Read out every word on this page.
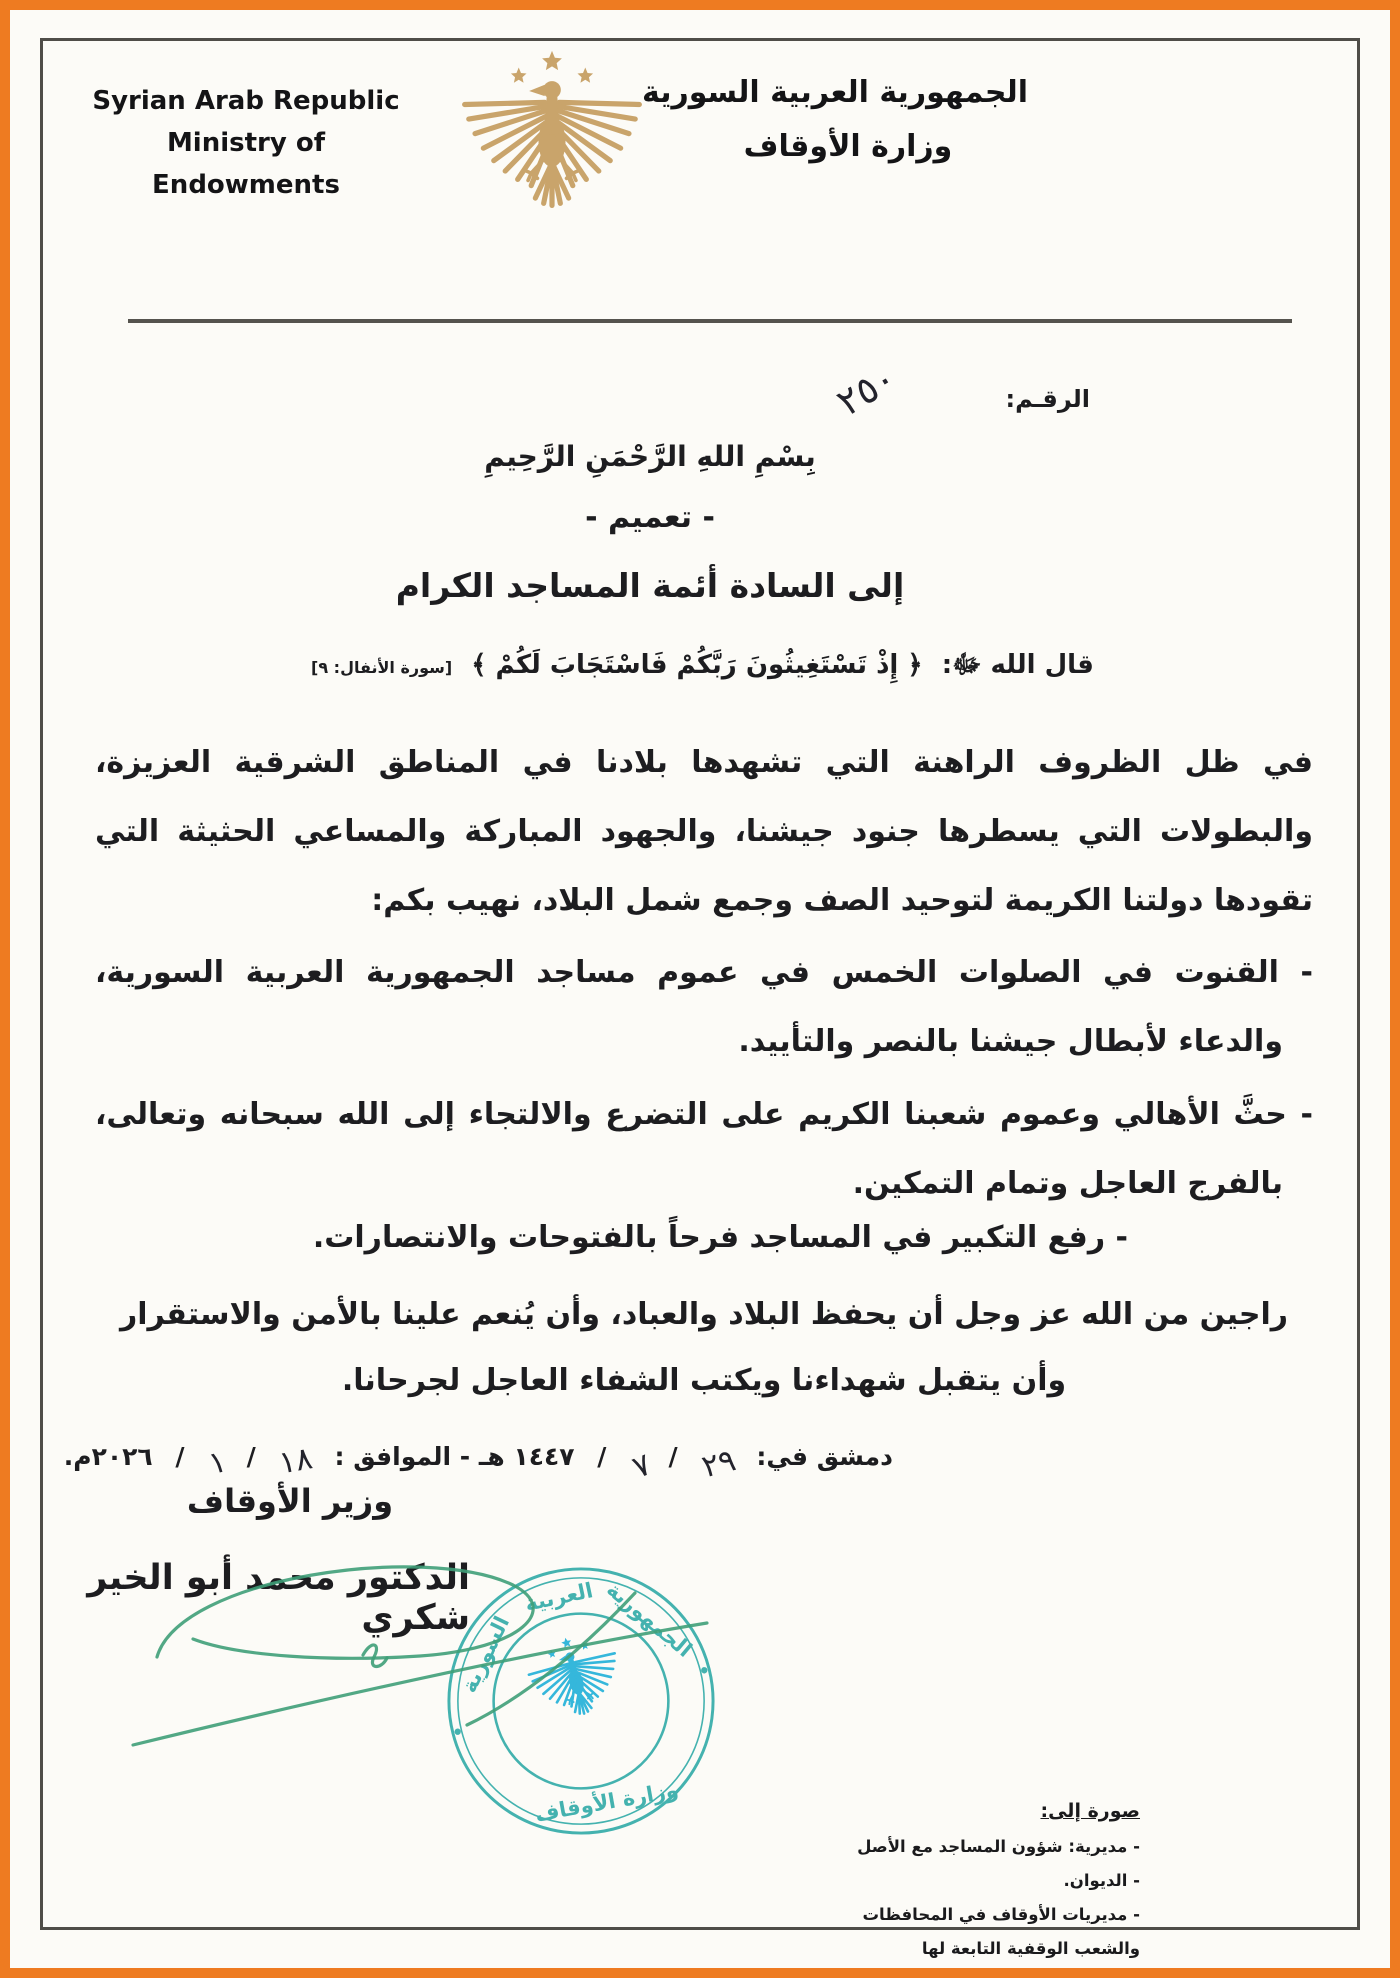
Syrian Arab Republic
Ministry of Endowments
الجمهورية العربية السورية
وزارة الأوقاف
الرقـم:
٢٥٠
بِسْمِ اللهِ الرَّحْمَنِ الرَّحِيمِ
- تعميم -
إلى السادة أئمة المساجد الكرام
قال الله ﷻ: ﴿ إِذْ تَسْتَغِيثُونَ رَبَّكُمْ فَاسْتَجَابَ لَكُمْ ﴾ [سورة الأنفال: ٩]
في ظل الظروف الراهنة التي تشهدها بلادنا في المناطق الشرقية العزيزة، والبطولات التي يسطرها جنود جيشنا، والجهود المباركة والمساعي الحثيثة التي تقودها دولتنا الكريمة لتوحيد الصف وجمع شمل البلاد، نهيب بكم:
- القنوت في الصلوات الخمس في عموم مساجد الجمهورية العربية السورية، والدعاء لأبطال جيشنا بالنصر والتأييد.
- حثَّ الأهالي وعموم شعبنا الكريم على التضرع والالتجاء إلى الله سبحانه وتعالى، بالفرج العاجل وتمام التمكين.
- رفع التكبير في المساجد فرحاً بالفتوحات والانتصارات.
راجين من الله عز وجل أن يحفظ البلاد والعباد، وأن يُنعم علينا بالأمن والاستقرار
وأن يتقبل شهداءنا ويكتب الشفاء العاجل لجرحانا.
دمشق في: ٢٩ / ٧ / ١٤٤٧ هـ - الموافق : ١٨ / ١ / ٢٠٢٦م.
وزير الأوقاف
الدكتور محمد أبو الخير شكري	الجمهورية
العربية
السورية
وزارة الأوقاف	صورة إلى:
- مديرية: شؤون المساجد مع الأصل - الديوان.
- مديريات الأوقاف في المحافظات والشعب الوقفية التابعة لها
